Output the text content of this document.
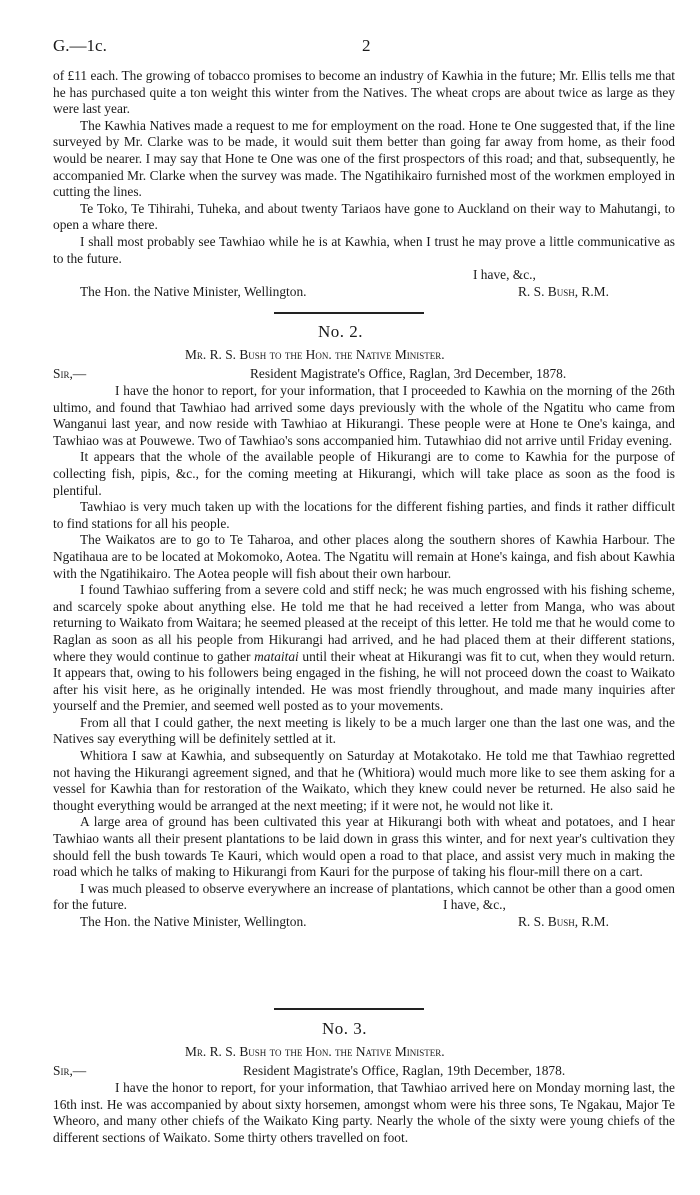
G.—1c.	2

of £11 each. The growing of tobacco promises to become an industry of Kawhia in the future; Mr. Ellis tells me that he has purchased quite a ton weight this winter from the Natives. The wheat crops are about twice as large as they were last year.

The Kawhia Natives made a request to me for employment on the road. Hone te One suggested that, if the line surveyed by Mr. Clarke was to be made, it would suit them better than going far away from home, as their food would be nearer. I may say that Hone te One was one of the first prospectors of this road; and that, subsequently, he accompanied Mr. Clarke when the survey was made. The Ngatihikairo furnished most of the workmen employed in cutting the lines.

Te Toko, Te Tihirahi, Tuheka, and about twenty Tariaos have gone to Auckland on their way to Mahutangi, to open a whare there.

I shall most probably see Tawhiao while he is at Kawhia, when I trust he may prove a little communicative as to the future.

I have, &c.,
The Hon. the Native Minister, Wellington.	R. S. Bush, R.M.
No. 2.
Mr. R. S. Bush to the Hon. the Native Minister.
Sir,—	Resident Magistrate's Office, Raglan, 3rd December, 1878.

I have the honor to report, for your information, that I proceeded to Kawhia on the morning of the 26th ultimo, and found that Tawhiao had arrived some days previously with the whole of the Ngatitu who came from Wanganui last year, and now reside with Tawhiao at Hikurangi. These people were at Hone te One's kainga, and Tawhiao was at Pouwewe. Two of Tawhiao's sons accompanied him. Tutawhiao did not arrive until Friday evening.

It appears that the whole of the available people of Hikurangi are to come to Kawhia for the purpose of collecting fish, pipis, &c., for the coming meeting at Hikurangi, which will take place as soon as the food is plentiful.

Tawhiao is very much taken up with the locations for the different fishing parties, and finds it rather difficult to find stations for all his people.

The Waikatos are to go to Te Taharoa, and other places along the southern shores of Kawhia Harbour. The Ngatihaua are to be located at Mokomoko, Aotea. The Ngatitu will remain at Hone's kainga, and fish about Kawhia with the Ngatihikairo. The Aotea people will fish about their own harbour.

I found Tawhiao suffering from a severe cold and stiff neck; he was much engrossed with his fishing scheme, and scarcely spoke about anything else. He told me that he had received a letter from Manga, who was about returning to Waikato from Waitara; he seemed pleased at the receipt of this letter. He told me that he would come to Raglan as soon as all his people from Hikurangi had arrived, and he had placed them at their different stations, where they would continue to gather mataitai until their wheat at Hikurangi was fit to cut, when they would return. It appears that, owing to his followers being engaged in the fishing, he will not proceed down the coast to Waikato after his visit here, as he originally intended. He was most friendly throughout, and made many inquiries after yourself and the Premier, and seemed well posted as to your movements.

From all that I could gather, the next meeting is likely to be a much larger one than the last one was, and the Natives say everything will be definitely settled at it.

Whitiora I saw at Kawhia, and subsequently on Saturday at Motakotako. He told me that Tawhiao regretted not having the Hikurangi agreement signed, and that he (Whitiora) would much more like to see them asking for a vessel for Kawhia than for restoration of the Waikato, which they knew could never be returned. He also said he thought everything would be arranged at the next meeting; if it were not, he would not like it.

A large area of ground has been cultivated this year at Hikurangi both with wheat and potatoes, and I hear Tawhiao wants all their present plantations to be laid down in grass this winter, and for next year's cultivation they should fell the bush towards Te Kauri, which would open a road to that place, and assist very much in making the road which he talks of making to Hikurangi from Kauri for the purpose of taking his flour-mill there on a cart.

I was much pleased to observe everywhere an increase of plantations, which cannot be other than a good omen for the future.	I have, &c.,
The Hon. the Native Minister, Wellington.	R. S. Bush, R.M.
No. 3.
Mr. R. S. Bush to the Hon. the Native Minister.
Sir,—	Resident Magistrate's Office, Raglan, 19th December, 1878.

I have the honor to report, for your information, that Tawhiao arrived here on Monday morning last, the 16th inst. He was accompanied by about sixty horsemen, amongst whom were his three sons, Te Ngakau, Major Te Wheoro, and many other chiefs of the Waikato King party. Nearly the whole of the sixty were young chiefs of the different sections of Waikato. Some thirty others travelled on foot.
